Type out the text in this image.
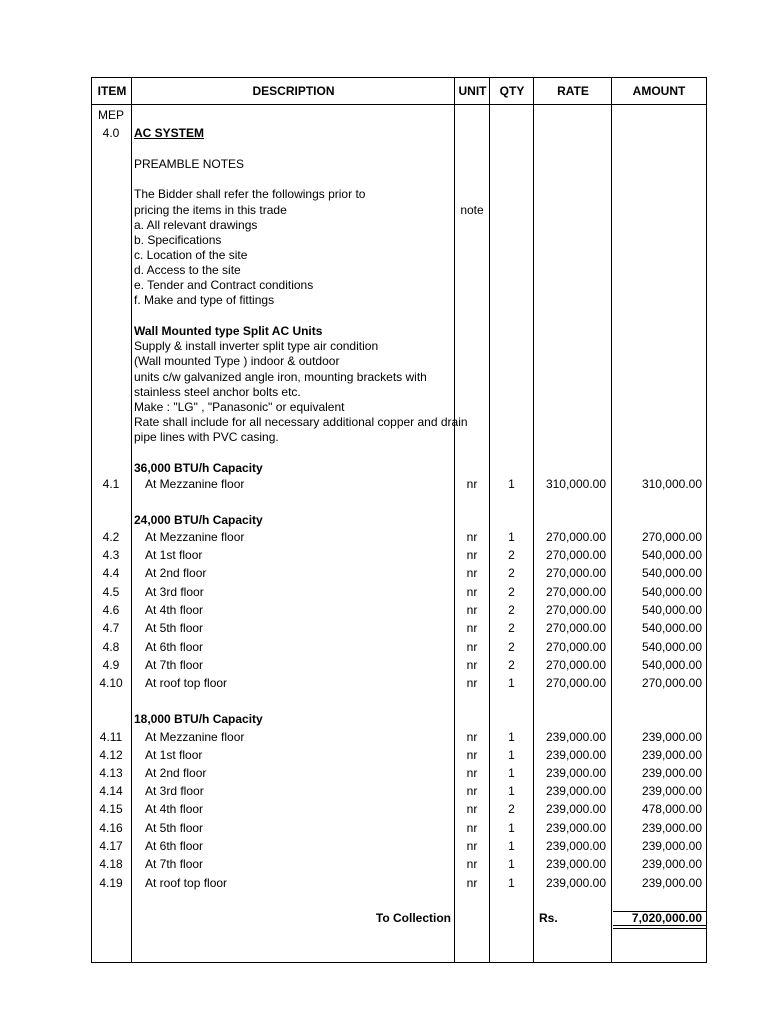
ITEM	DESCRIPTION	UNIT	QTY	RATE	AMOUNT
MEP
4.0	AC SYSTEM
PREAMBLE NOTES
The Bidder shall refer the followings prior to
pricing the items in this trade	note
a. All relevant drawings
b. Specifications
c. Location of the site
d. Access to the site
e. Tender and Contract conditions
f. Make and type of fittings
Wall Mounted type Split AC Units
Supply & install inverter split type air condition
(Wall mounted Type ) indoor & outdoor
units c/w galvanized angle iron, mounting brackets with
stainless steel anchor bolts etc.
Make : "LG" , "Panasonic" or equivalent
Rate shall include for all necessary additional copper and drain
pipe lines with PVC casing.
36,000 BTU/h Capacity
4.1	At Mezzanine floor	nr	1	310,000.00	310,000.00
24,000 BTU/h Capacity
4.2	At Mezzanine floor	nr	1	270,000.00	270,000.00
4.3	At 1st floor	nr	2	270,000.00	540,000.00
4.4	At 2nd floor	nr	2	270,000.00	540,000.00
4.5	At 3rd floor	nr	2	270,000.00	540,000.00
4.6	At 4th floor	nr	2	270,000.00	540,000.00
4.7	At 5th floor	nr	2	270,000.00	540,000.00
4.8	At 6th floor	nr	2	270,000.00	540,000.00
4.9	At 7th floor	nr	2	270,000.00	540,000.00
4.10	At roof top floor	nr	1	270,000.00	270,000.00
18,000 BTU/h Capacity
4.11	At Mezzanine floor	nr	1	239,000.00	239,000.00
4.12	At 1st floor	nr	1	239,000.00	239,000.00
4.13	At 2nd floor	nr	1	239,000.00	239,000.00
4.14	At 3rd floor	nr	1	239,000.00	239,000.00
4.15	At 4th floor	nr	2	239,000.00	478,000.00
4.16	At 5th floor	nr	1	239,000.00	239,000.00
4.17	At 6th floor	nr	1	239,000.00	239,000.00
4.18	At 7th floor	nr	1	239,000.00	239,000.00
4.19	At roof top floor	nr	1	239,000.00	239,000.00
To Collection	Rs.	7,020,000.00
